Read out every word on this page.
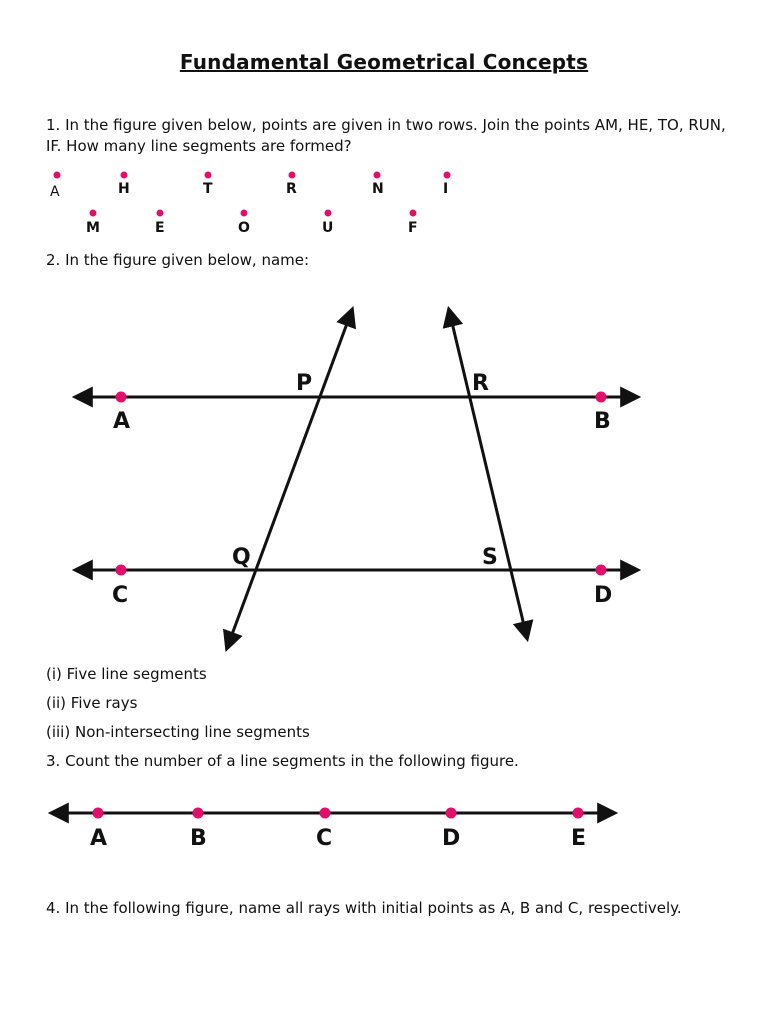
Fundamental Geometrical Concepts
1. In the figure given below, points are given in two rows. Join the points AM, HE, TO, RUN, IF. How many line segments are formed?
A	H	T	R	N	I
M	E	O	U	F
2. In the figure given below, name:
A	B
C	D
P
Q
R
S
(i) Five line segments
(ii) Five rays
(iii) Non-intersecting line segments
3. Count the number of a line segments in the following figure.
A	B	C	D	E
4. In the following figure, name all rays with initial points as A, B and C, respectively.
